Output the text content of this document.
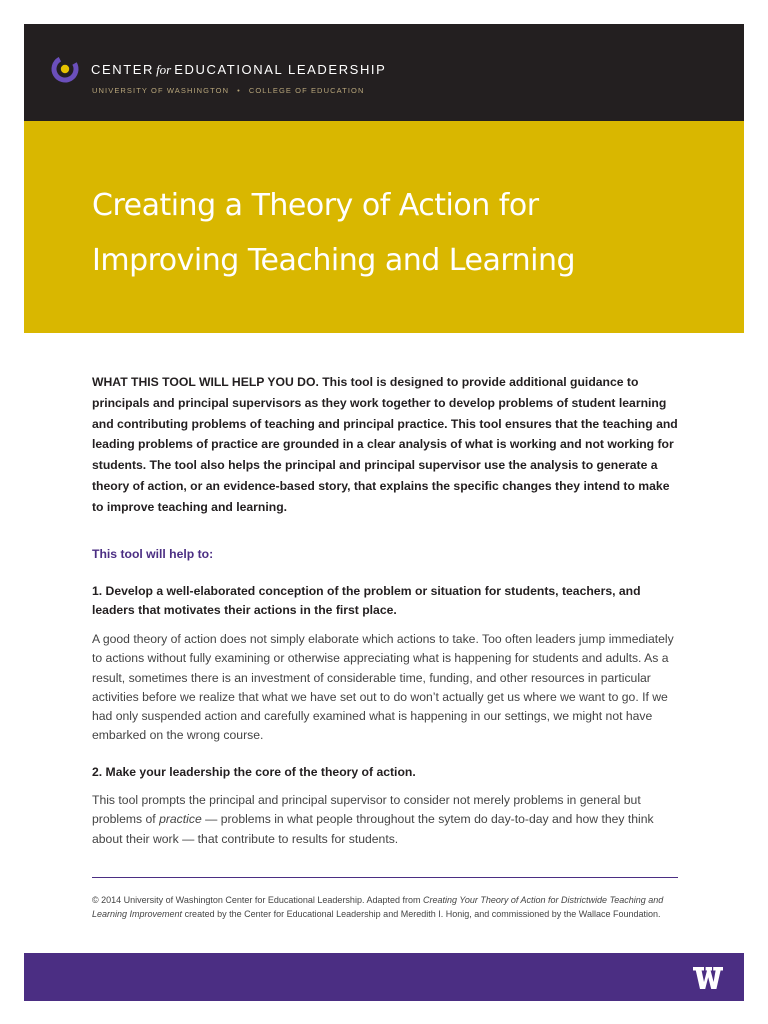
CENTER for EDUCATIONAL LEADERSHIP
UNIVERSITY OF WASHINGTON • COLLEGE OF EDUCATION
Creating a Theory of Action for
Improving Teaching and Learning

WHAT THIS TOOL WILL HELP YOU DO. This tool is designed to provide additional guidance to principals and principal supervisors as they work together to develop problems of student learning and contributing problems of teaching and principal practice. This tool ensures that the teaching and leading problems of practice are grounded in a clear analysis of what is working and not working for students. The tool also helps the principal and principal supervisor use the analysis to generate a theory of action, or an evidence-based story, that explains the specific changes they intend to make to improve teaching and learning.

This tool will help to:

1. Develop a well-elaborated conception of the problem or situation for students, teachers, and leaders that motivates their actions in the first place.

A good theory of action does not simply elaborate which actions to take. Too often leaders jump immediately to actions without fully examining or otherwise appreciating what is happening for students and adults. As a result, sometimes there is an investment of considerable time, funding, and other resources in particular activities before we realize that what we have set out to do won’t actually get us where we want to go. If we had only suspended action and carefully examined what is happening in our settings, we might not have embarked on the wrong course.

2. Make your leadership the core of the theory of action.

This tool prompts the principal and principal supervisor to consider not merely problems in general but problems of practice — problems in what people throughout the sytem do day-to-day and how they think about their work — that contribute to results for students.

© 2014 University of Washington Center for Educational Leadership. Adapted from Creating Your Theory of Action for Districtwide Teaching and Learning Improvement created by the Center for Educational Leadership and Meredith I. Honig, and commissioned by the Wallace Foundation.
